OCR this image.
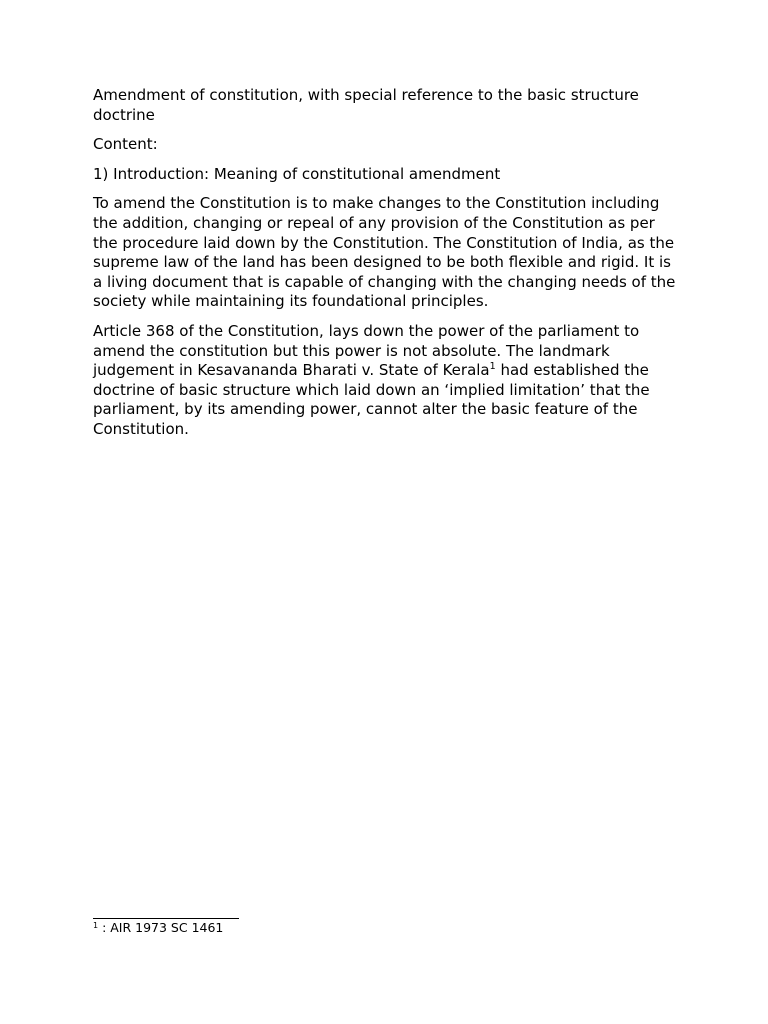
Amendment of constitution, with special reference to the basic structure doctrine

Content:

1) Introduction: Meaning of constitutional amendment

To amend the Constitution is to make changes to the Constitution including the addition, changing or repeal of any provision of the Constitution as per the procedure laid down by the Constitution. The Constitution of India, as the supreme law of the land has been designed to be both flexible and rigid. It is a living document that is capable of changing with the changing needs of the society while maintaining its foundational principles.

Article 368 of the Constitution, lays down the power of the parliament to amend the constitution but this power is not absolute. The landmark judgement in Kesavananda Bharati v. State of Kerala$^1$ had established the doctrine of basic structure which laid down an ‘implied limitation’ that the parliament, by its amending power, cannot alter the basic feature of the Constitution.

$^1$ : AIR 1973 SC 1461
